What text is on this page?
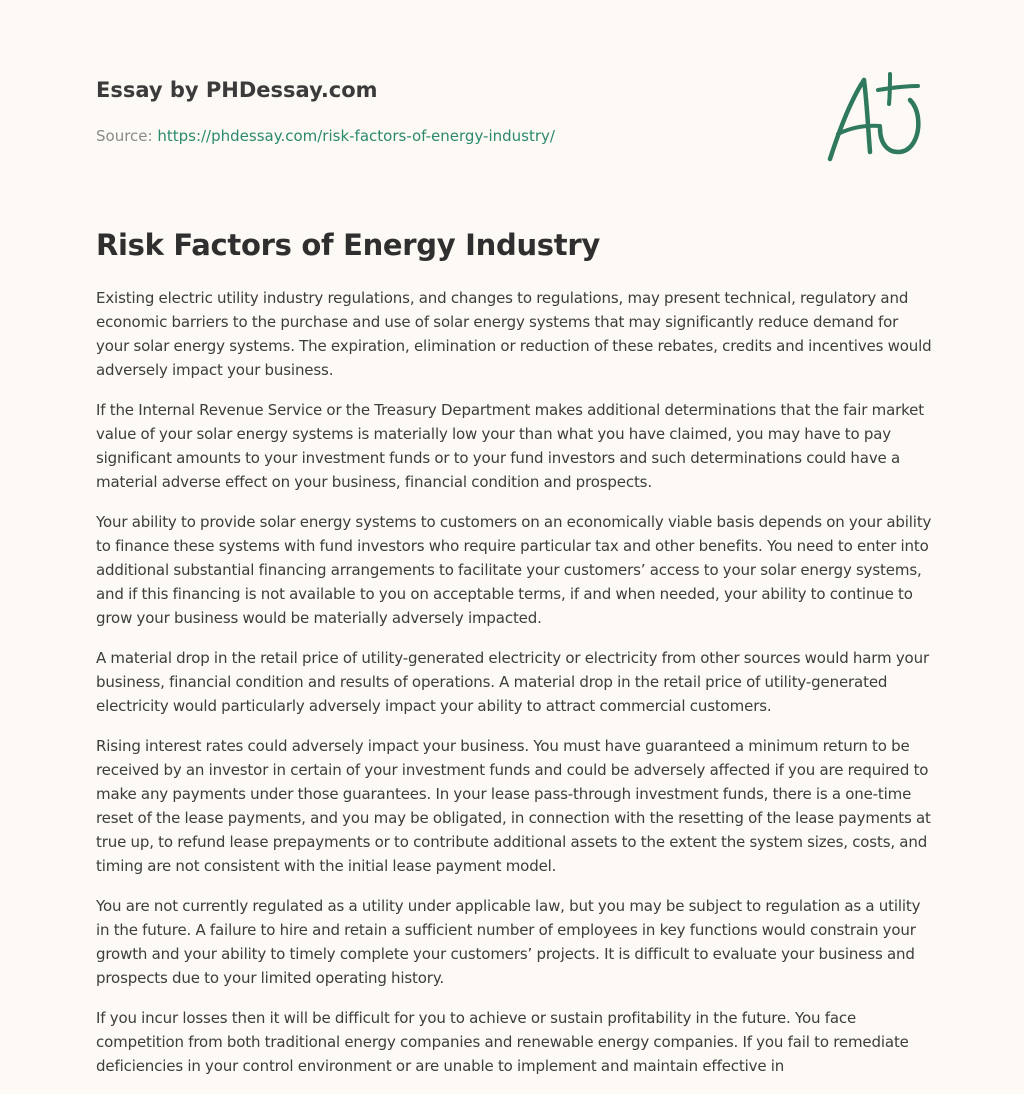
Essay by PHDessay.com
Source: https://phdessay.com/risk-factors-of-energy-industry/
Risk Factors of Energy Industry

Existing electric utility industry regulations, and changes to regulations, may present technical, regulatory and economic barriers to the purchase and use of solar energy systems that may significantly reduce demand for your solar energy systems. The expiration, elimination or reduction of these rebates, credits and incentives would adversely impact your business.

If the Internal Revenue Service or the Treasury Department makes additional determinations that the fair market value of your solar energy systems is materially low your than what you have claimed, you may have to pay significant amounts to your investment funds or to your fund investors and such determinations could have a material adverse effect on your business, financial condition and prospects.

Your ability to provide solar energy systems to customers on an economically viable basis depends on your ability to finance these systems with fund investors who require particular tax and other benefits. You need to enter into additional substantial financing arrangements to facilitate your customers’ access to your solar energy systems, and if this financing is not available to you on acceptable terms, if and when needed, your ability to continue to grow your business would be materially adversely impacted.

A material drop in the retail price of utility-generated electricity or electricity from other sources would harm your business, financial condition and results of operations. A material drop in the retail price of utility-generated electricity would particularly adversely impact your ability to attract commercial customers.

Rising interest rates could adversely impact your business. You must have guaranteed a minimum return to be received by an investor in certain of your investment funds and could be adversely affected if you are required to make any payments under those guarantees. In your lease pass-through investment funds, there is a one-time reset of the lease payments, and you may be obligated, in connection with the resetting of the lease payments at true up, to refund lease prepayments or to contribute additional assets to the extent the system sizes, costs, and timing are not consistent with the initial lease payment model.

You are not currently regulated as a utility under applicable law, but you may be subject to regulation as a utility in the future. A failure to hire and retain a sufficient number of employees in key functions would constrain your growth and your ability to timely complete your customers’ projects. It is difficult to evaluate your business and prospects due to your limited operating history.

If you incur losses then it will be difficult for you to achieve or sustain profitability in the future. You face competition from both traditional energy companies and renewable energy companies. If you fail to remediate deficiencies in your control environment or are unable to implement and maintain effective in
